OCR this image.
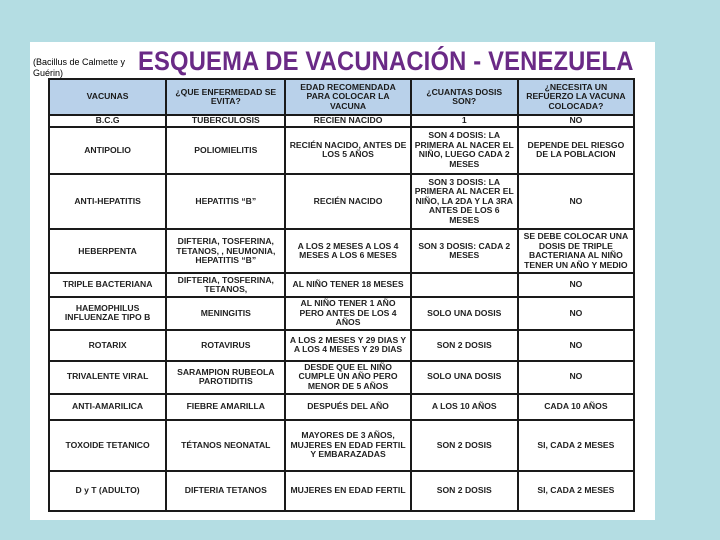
(Bacillus de Calmette y Guérin)	ESQUEMA DE VACUNACIÓN - VENEZUELA
VACUNAS	¿QUE ENFERMEDAD SE EVITA?	EDAD RECOMENDADA PARA COLOCAR LA VACUNA	¿CUANTAS DOSIS SON?	¿NECESITA UN REFUERZO LA VACUNA COLOCADA?
B.C.G	TUBERCULOSIS	RECIEN NACIDO	1	NO
ANTIPOLIO	POLIOMIELITIS	RECIÉN NACIDO, ANTES DE LOS 5 AÑOS	SON 4 DOSIS: LA PRIMERA AL NACER EL NIÑO, LUEGO CADA 2 MESES	DEPENDE DEL RIESGO DE LA POBLACION
ANTI-HEPATITIS	HEPATITIS “B”	RECIÉN NACIDO	SON 3 DOSIS: LA PRIMERA AL NACER EL NIÑO, LA 2DA Y LA 3RA ANTES DE LOS 6 MESES	NO
HEBERPENTA	DIFTERIA, TOSFERINA, TETANOS, , NEUMONIA, HEPATITIS “B”	A LOS 2 MESES A LOS 4 MESES A LOS 6 MESES	SON 3 DOSIS: CADA 2 MESES	SE DEBE COLOCAR UNA DOSIS DE TRIPLE BACTERIANA AL NIÑO TENER UN AÑO Y MEDIO
TRIPLE BACTERIANA	DIFTERIA, TOSFERINA, TETANOS,	AL NIÑO TENER 18 MESES		NO
HAEMOPHILUS INFLUENZAE TIPO B	MENINGITIS	AL NIÑO TENER 1 AÑO PERO ANTES DE LOS 4 AÑOS	SOLO UNA DOSIS	NO
ROTARIX	ROTAVIRUS	A LOS 2 MESES Y 29 DIAS Y A LOS 4 MESES Y 29 DIAS	SON 2 DOSIS	NO
TRIVALENTE VIRAL	SARAMPION RUBEOLA PAROTIDITIS	DESDE QUE EL NIÑO CUMPLE UN AÑO PERO MENOR DE 5 AÑOS	SOLO UNA DOSIS	NO
ANTI-AMARILICA	FIEBRE AMARILLA	DESPUÉS DEL AÑO	A LOS 10 AÑOS	CADA 10 AÑOS
TOXOIDE TETANICO	TÉTANOS NEONATAL	MAYORES DE 3 AÑOS, MUJERES EN EDAD FERTIL Y EMBARAZADAS	SON 2 DOSIS	SI, CADA 2 MESES
D y T (ADULTO)	DIFTERIA TETANOS	MUJERES EN EDAD FERTIL	SON 2 DOSIS	SI, CADA 2 MESES
